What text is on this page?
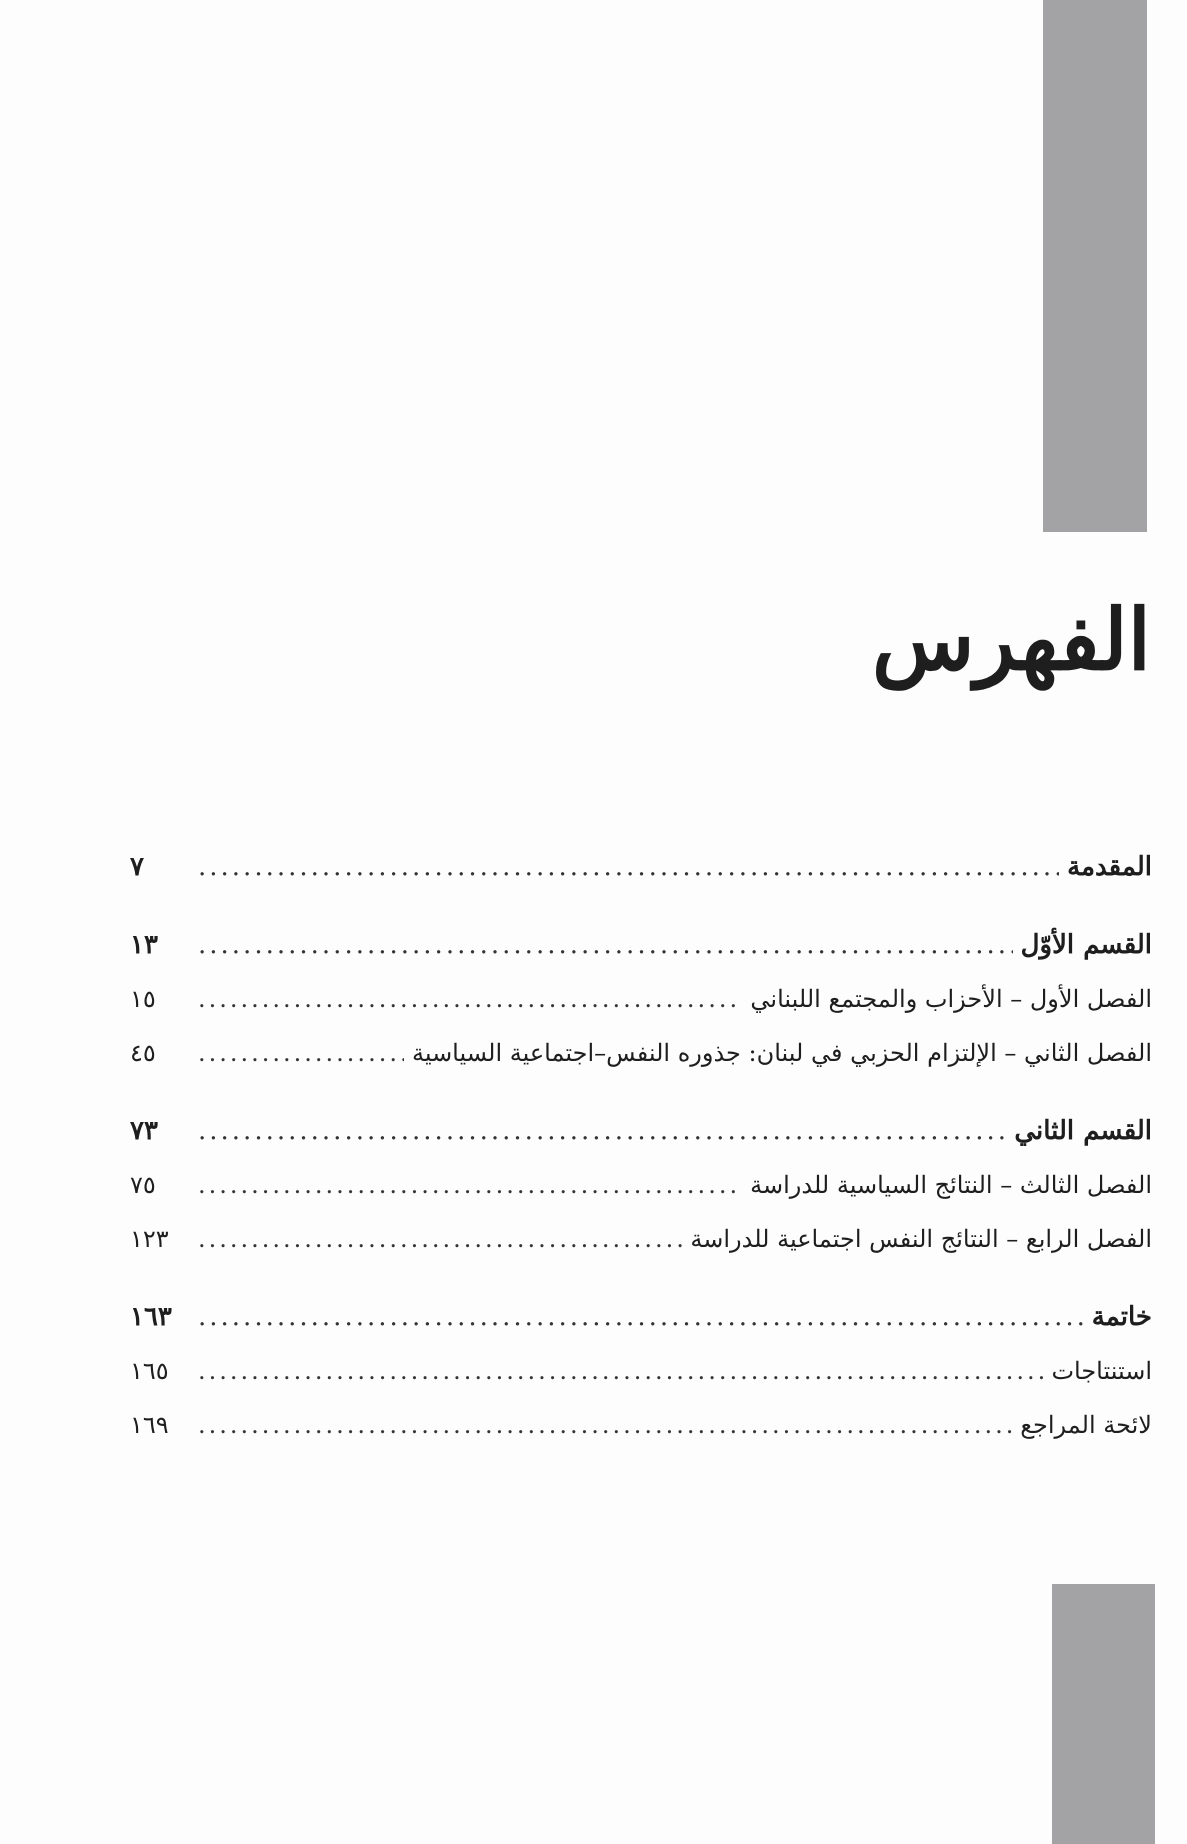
الفهرس
المقدمة
.....
٧
القسم الأوّل
.....
١٣
الفصل الأول – الأحزاب والمجتمع اللبناني
.....
١٥
الفصل الثاني – الإلتزام الحزبي في لبنان: جذوره النفس–اجتماعية السياسية
.....
٤٥
القسم الثاني
.....
٧٣
الفصل الثالث – النتائج السياسية للدراسة
.....
٧٥
الفصل الرابع – النتائج النفس اجتماعية للدراسة
.....
١٢٣
خاتمة
.....
١٦٣
استنتاجات
.....
١٦٥
لائحة المراجع
.....
١٦٩
